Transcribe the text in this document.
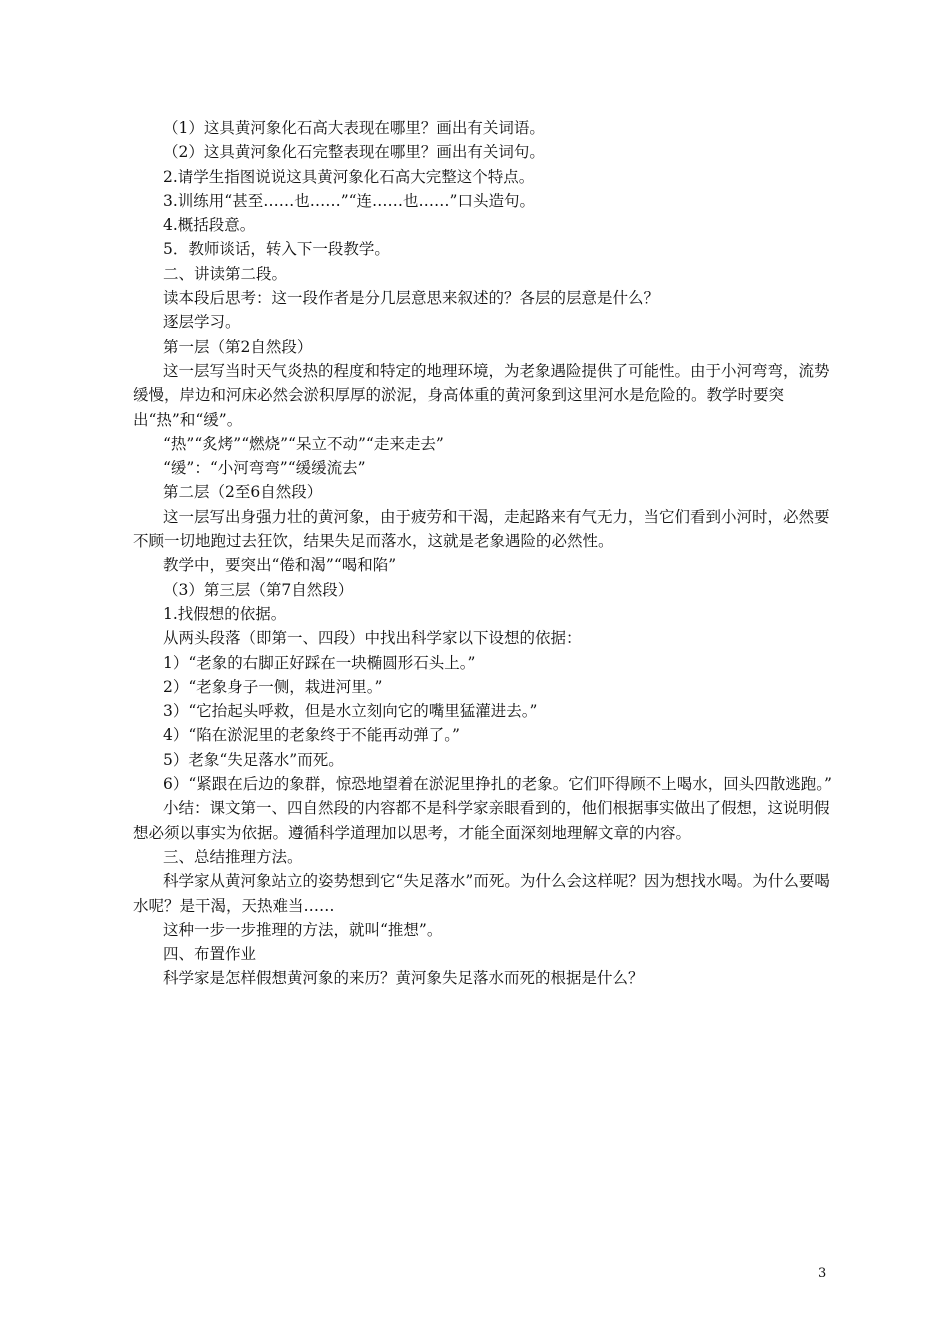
（1）这具黄河象化石高大表现在哪里？画出有关词语。

（2）这具黄河象化石完整表现在哪里？画出有关词句。

2.请学生指图说说这具黄河象化石高大完整这个特点。

3.训练用“甚至……也……”“连……也……”口头造句。

4.概括段意。

5．教师谈话，转入下一段教学。

二、讲读第二段。

读本段后思考：这一段作者是分几层意思来叙述的？各层的层意是什么？

逐层学习。

第一层（第2自然段）

这一层写当时天气炎热的程度和特定的地理环境，为老象遇险提供了可能性。由于小河弯弯，流势缓慢，岸边和河床必然会淤积厚厚的淤泥，身高体重的黄河象到这里河水是危险的。教学时要突出“热”和“缓”。

“热”“炙烤”“燃烧”“呆立不动”“走来走去”

“缓”：“小河弯弯”“缓缓流去”

第二层（2至6自然段）

这一层写出身强力壮的黄河象，由于疲劳和干渴，走起路来有气无力，当它们看到小河时，必然要不顾一切地跑过去狂饮，结果失足而落水，这就是老象遇险的必然性。

教学中，要突出“倦和渴”“喝和陷”

（3）第三层（第7自然段）

1.找假想的依据。

从两头段落（即第一、四段）中找出科学家以下设想的依据：

1）“老象的右脚正好踩在一块椭圆形石头上。”

2）“老象身子一侧，栽进河里。”

3）“它抬起头呼救，但是水立刻向它的嘴里猛灌进去。”

4）“陷在淤泥里的老象终于不能再动弹了。”

5）老象“失足落水”而死。

6）“紧跟在后边的象群，惊恐地望着在淤泥里挣扎的老象。它们吓得顾不上喝水，回头四散逃跑。”

小结：课文第一、四自然段的内容都不是科学家亲眼看到的，他们根据事实做出了假想，这说明假想必须以事实为依据。遵循科学道理加以思考，才能全面深刻地理解文章的内容。

三、总结推理方法。

科学家从黄河象站立的姿势想到它“失足落水”而死。为什么会这样呢？因为想找水喝。为什么要喝水呢？是干渴，天热难当……

这种一步一步推理的方法，就叫“推想”。

四、布置作业

科学家是怎样假想黄河象的来历？黄河象失足落水而死的根据是什么？

3
